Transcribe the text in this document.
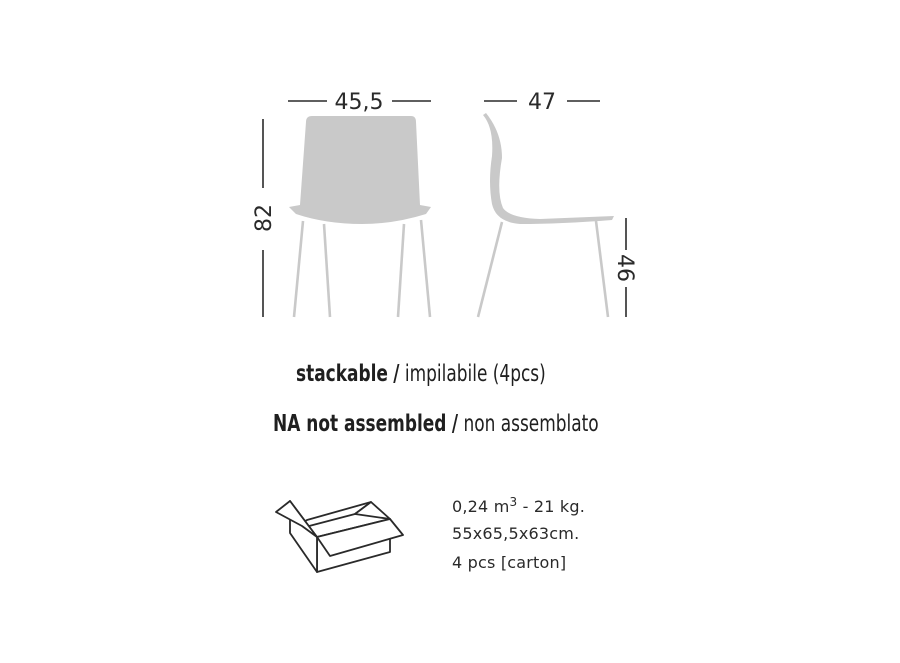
45,5	47
82
46
stackable / impilabile (4pcs)
NA not assembled / non assemblato
0,24 $m^3 - 21$ kg.
55x65,5x63cm.
4 pcs [carton]
